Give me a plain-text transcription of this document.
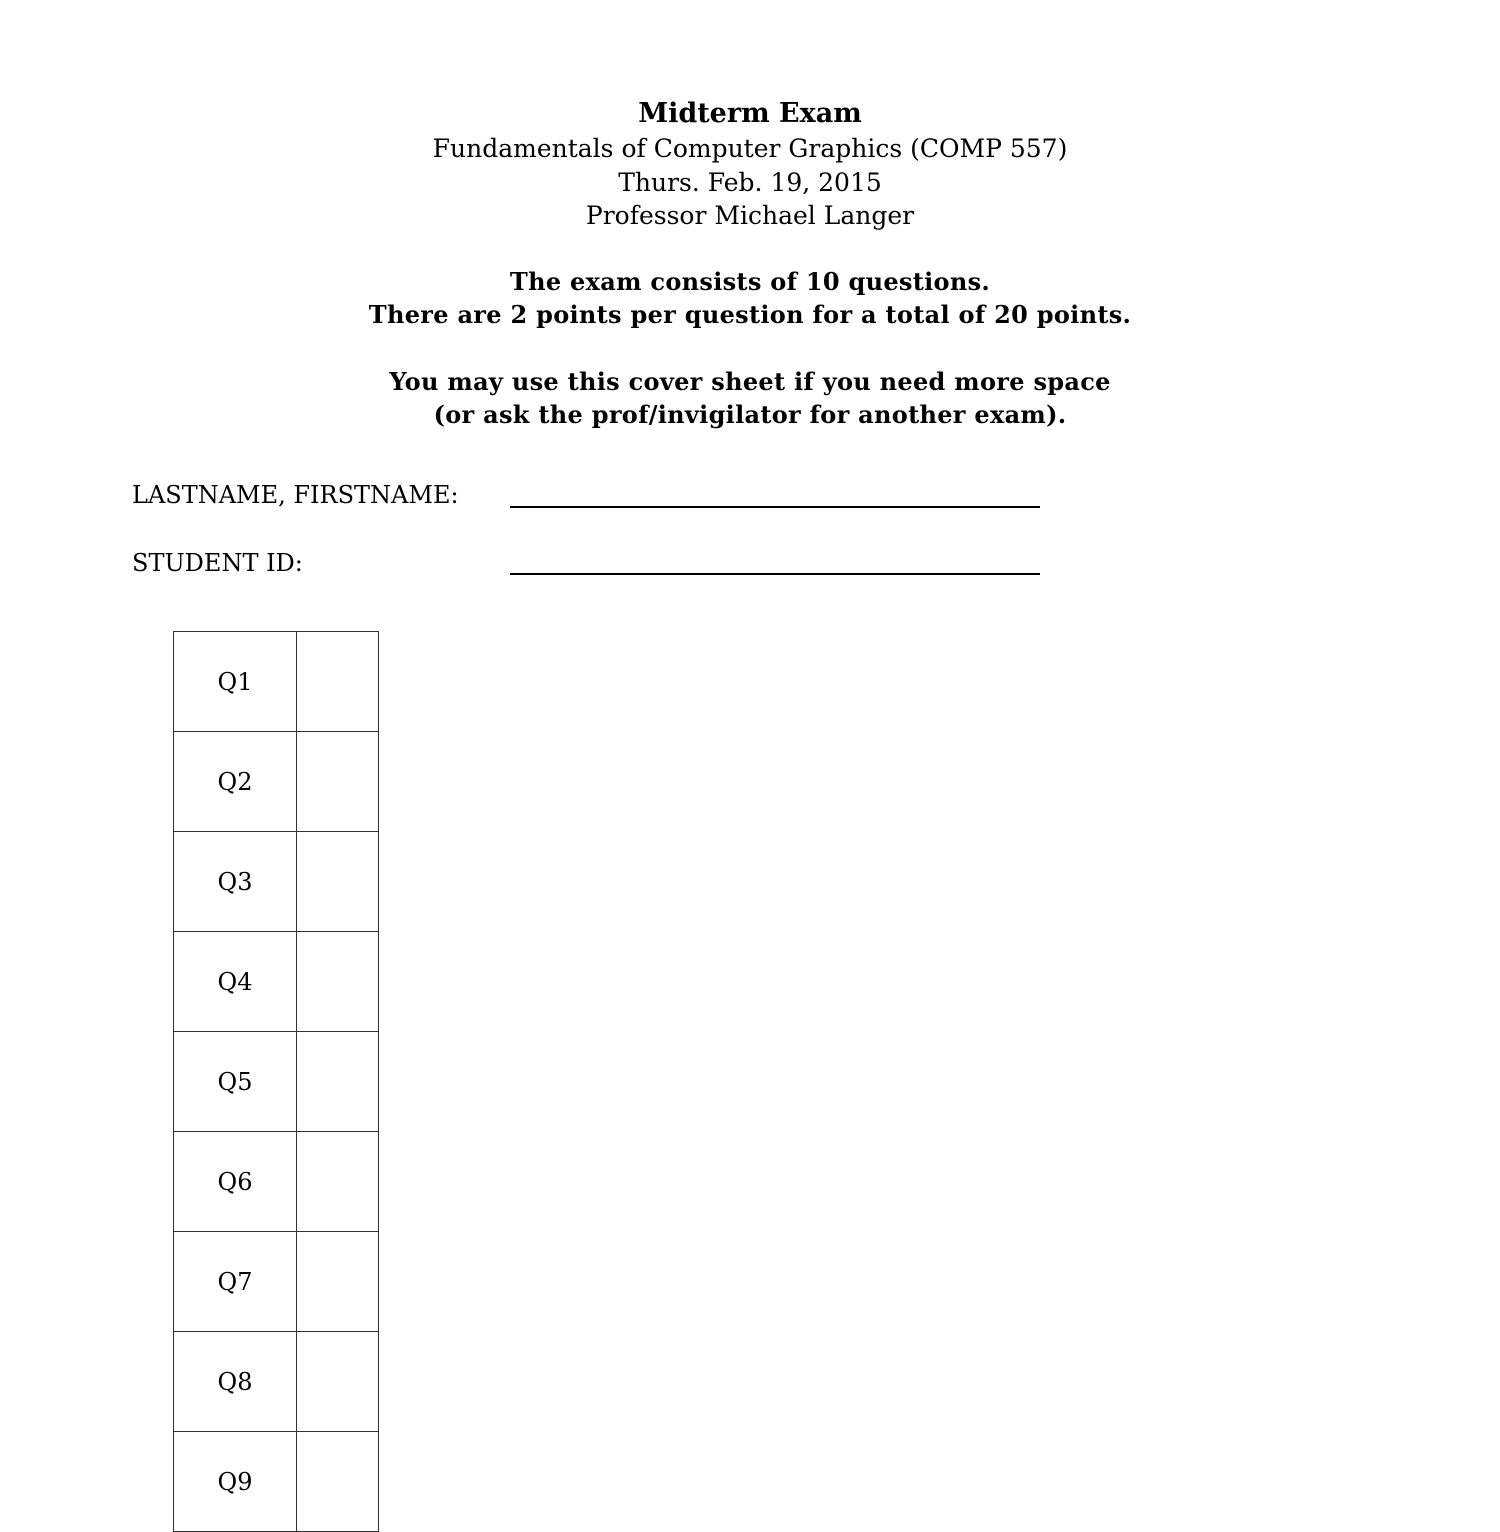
Midterm Exam
Fundamentals of Computer Graphics (COMP 557)
Thurs. Feb. 19, 2015
Professor Michael Langer
The exam consists of 10 questions.
There are 2 points per question for a total of 20 points.
You may use this cover sheet if you need more space
(or ask the prof/invigilator for another exam).
LASTNAME, FIRSTNAME:
STUDENT ID:
Q1	
Q2	
Q3	
Q4	
Q5	
Q6	
Q7	
Q8	
Q9	
